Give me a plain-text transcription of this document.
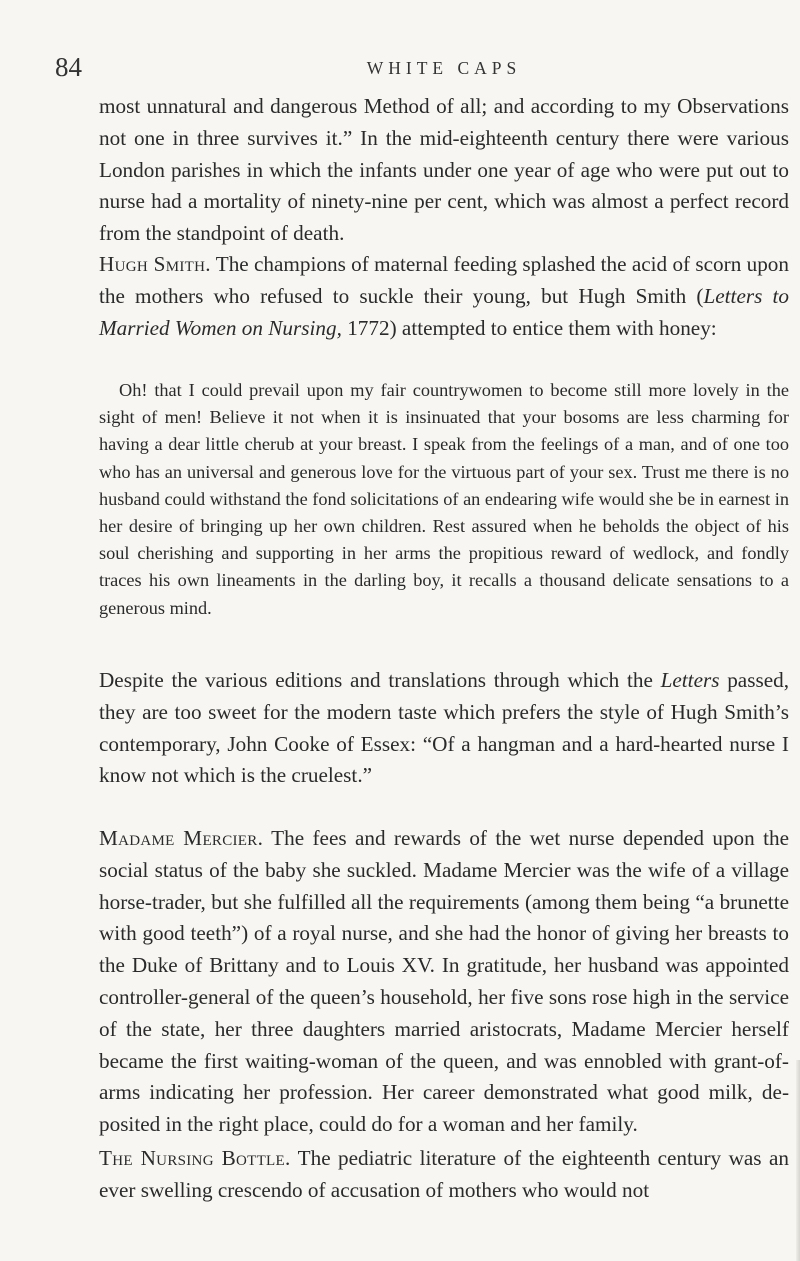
84	WHITE CAPS

most unnatural and dangerous Method of all; and according to my Observations not one in three survives it.” In the mid-eighteenth century there were various London parishes in which the infants under one year of age who were put out to nurse had a mortality of ninety-nine per cent, which was almost a perfect record from the standpoint of death.

Hugh Smith. The champions of maternal feeding splashed the acid of scorn upon the mothers who refused to suckle their young, but Hugh Smith (Letters to Married Women on Nursing, 1772) attempted to entice them with honey:

Oh! that I could prevail upon my fair countrywomen to become still more lovely in the sight of men! Believe it not when it is insinuated that your bosoms are less charming for having a dear little cherub at your breast. I speak from the feelings of a man, and of one too who has an universal and generous love for the virtuous part of your sex. Trust me there is no husband could withstand the fond solicitations of an endearing wife would she be in earnest in her desire of bringing up her own children. Rest assured when he beholds the object of his soul cherishing and supporting in her arms the propitious reward of wedlock, and fondly traces his own lineaments in the darling boy, it recalls a thousand delicate sensations to a generous mind.

Despite the various editions and translations through which the Letters passed, they are too sweet for the modern taste which prefers the style of Hugh Smith’s contemporary, John Cooke of Essex: “Of a hangman and a hard-hearted nurse I know not which is the cruelest.”

Madame Mercier. The fees and rewards of the wet nurse depended upon the social status of the baby she suckled. Madame Mercier was the wife of a village horse-trader, but she fulfilled all the requirements (among them being “a brunette with good teeth”) of a royal nurse, and she had the honor of giving her breasts to the Duke of Brittany and to Louis XV. In gratitude, her husband was appointed controller-general of the queen’s household, her five sons rose high in the service of the state, her three daughters married aristocrats, Madame Mercier herself became the first waiting-woman of the queen, and was ennobled with grant-of-arms indicating her profession. Her career demonstrated what good milk, deposited in the right place, could do for a woman and her family.

The Nursing Bottle. The pediatric literature of the eighteenth century was an ever swelling crescendo of accusation of mothers who would not
